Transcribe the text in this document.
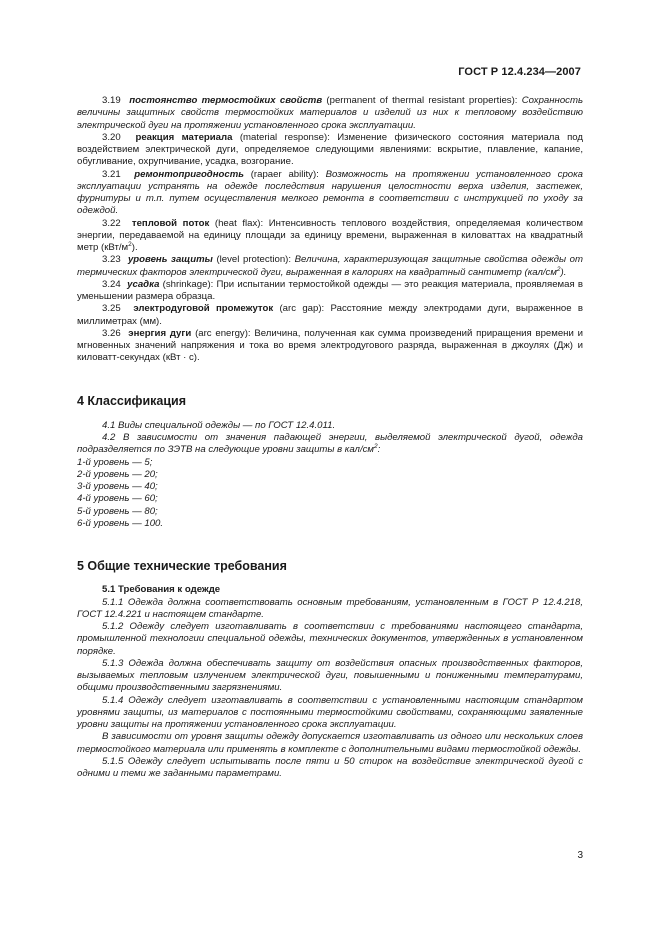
ГОСТ Р 12.4.234—2007

3.19 постоянство термостойких свойств (permanent of thermal resistant properties): Сохранность величины защитных свойств термостойких материалов и изделий из них к тепловому воздействию электрической дуги на протяжении установленного срока эксплуатации.

3.20 реакция материала (material response): Изменение физического состояния материала под воздействием электрической дуги, определяемое следующими явлениями: вскрытие, плавление, капание, обугливание, охрупчивание, усадка, возгорание.

3.21 ремонтопригодность (rapaer ability): Возможность на протяжении установленного срока эксплуатации устранять на одежде последствия нарушения целостности верха изделия, застежек, фурнитуры и т.п. путем осуществления мелкого ремонта в соответствии с инструкцией по уходу за одеждой.

3.22 тепловой поток (heat flax): Интенсивность теплового воздействия, определяемая количеством энергии, передаваемой на единицу площади за единицу времени, выраженная в киловаттах на квадратный метр $(кВт/м^2)$.

3.23 уровень защиты (level protection): Величина, характеризующая защитные свойства одежды от термических факторов электрической дуги, выраженная в калориях на квадратный сантиметр $(кал/см^2)$.

3.24 усадка (shrinkage): При испытании термостойкой одежды — это реакция материала, проявляемая в уменьшении размера образца.

3.25 электродуговой промежуток (arc gap): Расстояние между электродами дуги, выраженное в миллиметрах (мм).

3.26 энергия дуги (arc energy): Величина, полученная как сумма произведений приращения времени и мгновенных значений напряжения и тока во время электродугового разряда, выраженная в джоулях (Дж) и киловатт-секундах (кВт · с).

4 Классификация

4.1 Виды специальной одежды — по ГОСТ 12.4.011.

4.2 В зависимости от значения падающей энергии, выделяемой электрической дугой, одежда подразделяется по ЗЭТВ на следующие уровни защиты в кал/$см^2$:

1-й уровень — 5;

2-й уровень — 20;

3-й уровень — 40;

4-й уровень — 60;

5-й уровень — 80;

6-й уровень — 100.

5 Общие технические требования

5.1 Требования к одежде

5.1.1 Одежда должна соответствовать основным требованиям, установленным в ГОСТ Р 12.4.218, ГОСТ 12.4.221 и настоящем стандарте.

5.1.2 Одежду следует изготавливать в соответствии с требованиями настоящего стандарта, промышленной технологии специальной одежды, технических документов, утвержденных в установленном порядке.

5.1.3 Одежда должна обеспечивать защиту от воздействия опасных производственных факторов, вызываемых тепловым излучением электрической дуги, повышенными и пониженными температурами, общими производственными загрязнениями.

5.1.4 Одежду следует изготавливать в соответствии с установленными настоящим стандартом уровнями защиты, из материалов с постоянными термостойкими свойствами, сохраняющими заявленные уровни защиты на протяжении установленного срока эксплуатации.

В зависимости от уровня защиты одежду допускается изготавливать из одного или нескольких слоев термостойкого материала или применять в комплекте с дополнительными видами термостойкой одежды.

5.1.5 Одежду следует испытывать после пяти и 50 стирок на воздействие электрической дугой с одними и теми же заданными параметрами.

3
